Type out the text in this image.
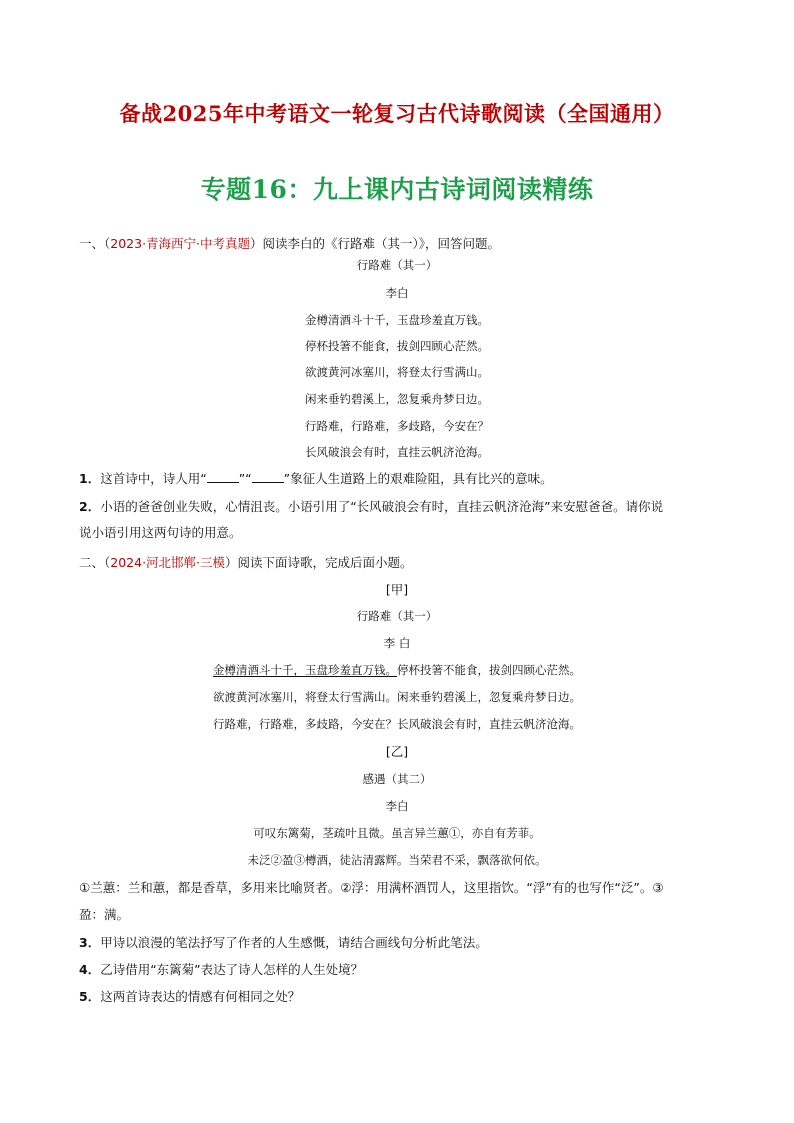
备战2025年中考语文一轮复习古代诗歌阅读（全国通用）
专题16：九上课内古诗词阅读精练
一、（2023·青海西宁·中考真题）阅读李白的《行路难（其一）》，回答问题。
行路难（其一）
李白
金樽清酒斗十千，玉盘珍羞直万钱。
停杯投箸不能食，拔剑四顾心茫然。
欲渡黄河冰塞川，将登太行雪满山。
闲来垂钓碧溪上，忽复乘舟梦日边。
行路难，行路难，多歧路，今安在？
长风破浪会有时，直挂云帆济沧海。
1．这首诗中，诗人用“	”“	”象征人生道路上的艰难险阻，具有比兴的意味。
2．小语的爸爸创业失败，心情沮丧。小语引用了“长风破浪会有时，直挂云帆济沧海”来安慰爸爸。请你说
说小语引用这两句诗的用意。
二、（2024·河北邯郸·三模）阅读下面诗歌，完成后面小题。
[甲]
行路难（其一）
李 白
金樽清酒斗十千，玉盘珍羞直万钱。停杯投箸不能食，拔剑四顾心茫然。
欲渡黄河冰塞川，将登太行雪满山。闲来垂钓碧溪上，忽复乘舟梦日边。
行路难，行路难，多歧路，今安在？长风破浪会有时，直挂云帆济沧海。
[乙]
感遇（其二）
李白
可叹东篱菊，茎疏叶且微。虽言异兰蕙①，亦自有芳菲。
未泛②盈③樽酒，徒沾清露辉。当荣君不采，飘落欲何依。
①兰蕙：兰和蕙，都是香草，多用来比喻贤者。②浮：用满杯酒罚人，这里指饮。“浮”有的也写作“泛”。③
盈：满。
3．甲诗以浪漫的笔法抒写了作者的人生感慨，请结合画线句分析此笔法。
4．乙诗借用“东篱菊”表达了诗人怎样的人生处境？
5．这两首诗表达的情感有何相同之处？
